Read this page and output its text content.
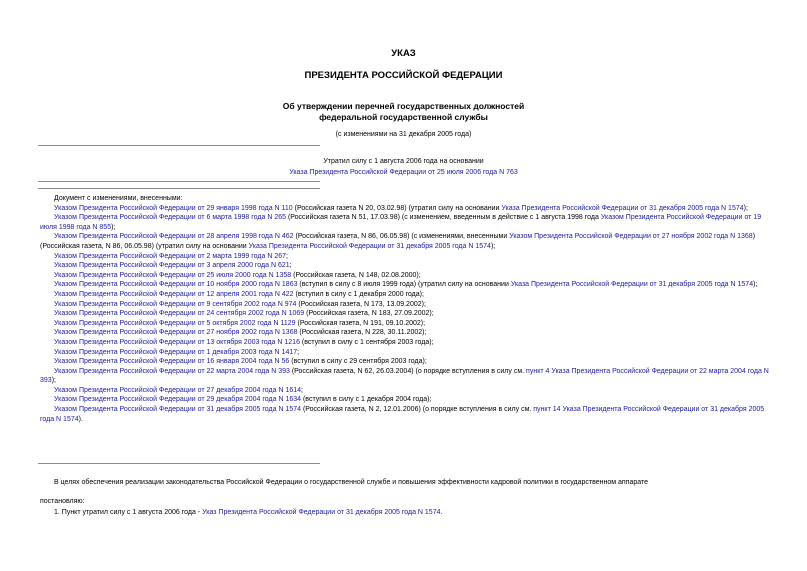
УКАЗ
ПРЕЗИДЕНТА РОССИЙСКОЙ ФЕДЕРАЦИИ
Об утверждении перечней государственных должностей
федеральной государственной службы
(с изменениями на 31 декабря 2005 года)
Утратил силу с 1 августа 2006 года на основании
Указа Президента Российской Федерации от 25 июля 2006 года N 763
Документ с изменениями, внесенными:
Указом Президента Российской Федерации от 29 января 1998 года N 110 (Российская газета N 20, 03.02.98) (утратил силу на основании Указа Президента Российской Федерации от 31 декабря 2005 года N 1574);
Указом Президента Российской Федерации от 6 марта 1998 года N 265 (Российская газета N 51, 17.03.98) (с изменением, введенным в действие с 1 августа 1998 года Указом Президента Российской Федерации от 19 июля 1998 года N 855);
Указом Президента Российской Федерации от 28 апреля 1998 года N 462 (Российская газета, N 86, 06.05.98) (с изменениями, внесенными Указом Президента Российской Федерации от 27 ноября 2002 года N 1368) (Российская газета, N 86, 06.05.98) (утратил силу на основании Указа Президента Российской Федерации от 31 декабря 2005 года N 1574);
Указом Президента Российской Федерации от 2 марта 1999 года N 267;
Указом Президента Российской Федерации от 3 апреля 2000 года N 621;
Указом Президента Российской Федерации от 25 июля 2000 года N 1358 (Российская газета, N 148, 02.08.2000);
Указом Президента Российской Федерации от 10 ноября 2000 года N 1863 (вступил в силу с 8 июля 1999 года) (утратил силу на основании Указа Президента Российской Федерации от 31 декабря 2005 года N 1574);
Указом Президента Российской Федерации от 12 апреля 2001 года N 422 (вступил в силу с 1 декабря 2000 года);
Указом Президента Российской Федерации от 9 сентября 2002 года N 974 (Российская газета, N 173, 13.09.2002);
Указом Президента Российской Федерации от 24 сентября 2002 года N 1069 (Российская газета, N 183, 27.09.2002);
Указом Президента Российской Федерации от 5 октября 2002 года N 1129 (Российская газета, N 191, 09.10.2002);
Указом Президента Российской Федерации от 27 ноября 2002 года N 1368 (Российская газета, N 228, 30.11.2002);
Указом Президента Российской Федерации от 13 октября 2003 года N 1216 (вступил в силу с 1 сентября 2003 года);
Указом Президента Российской Федерации от 1 декабря 2003 года N 1417;
Указом Президента Российской Федерации от 16 января 2004 года N 56 (вступил в силу с 29 сентября 2003 года);
Указом Президента Российской Федерации от 22 марта 2004 года N 393 (Российская газета, N 62, 26.03.2004) (о порядке вступления в силу см. пункт 4 Указа Президента Российской Федерации от 22 марта 2004 года N 393);
Указом Президента Российской Федерации от 27 декабря 2004 года N 1614;
Указом Президента Российской Федерации от 29 декабря 2004 года N 1634 (вступил в силу с 1 декабря 2004 года);
Указом Президента Российской Федерации от 31 декабря 2005 года N 1574 (Российская газета, N 2, 12.01.2006) (о порядке вступления в силу см. пункт 14 Указа Президента Российской Федерации от 31 декабря 2005 года N 1574).
В целях обеспечения реализации законодательства Российской Федерации о государственной службе и повышения эффективности кадровой политики в государственном аппарате
постановляю:
1. Пункт утратил силу с 1 августа 2006 года - Указ Президента Российской Федерации от 31 декабря 2005 года N 1574.
